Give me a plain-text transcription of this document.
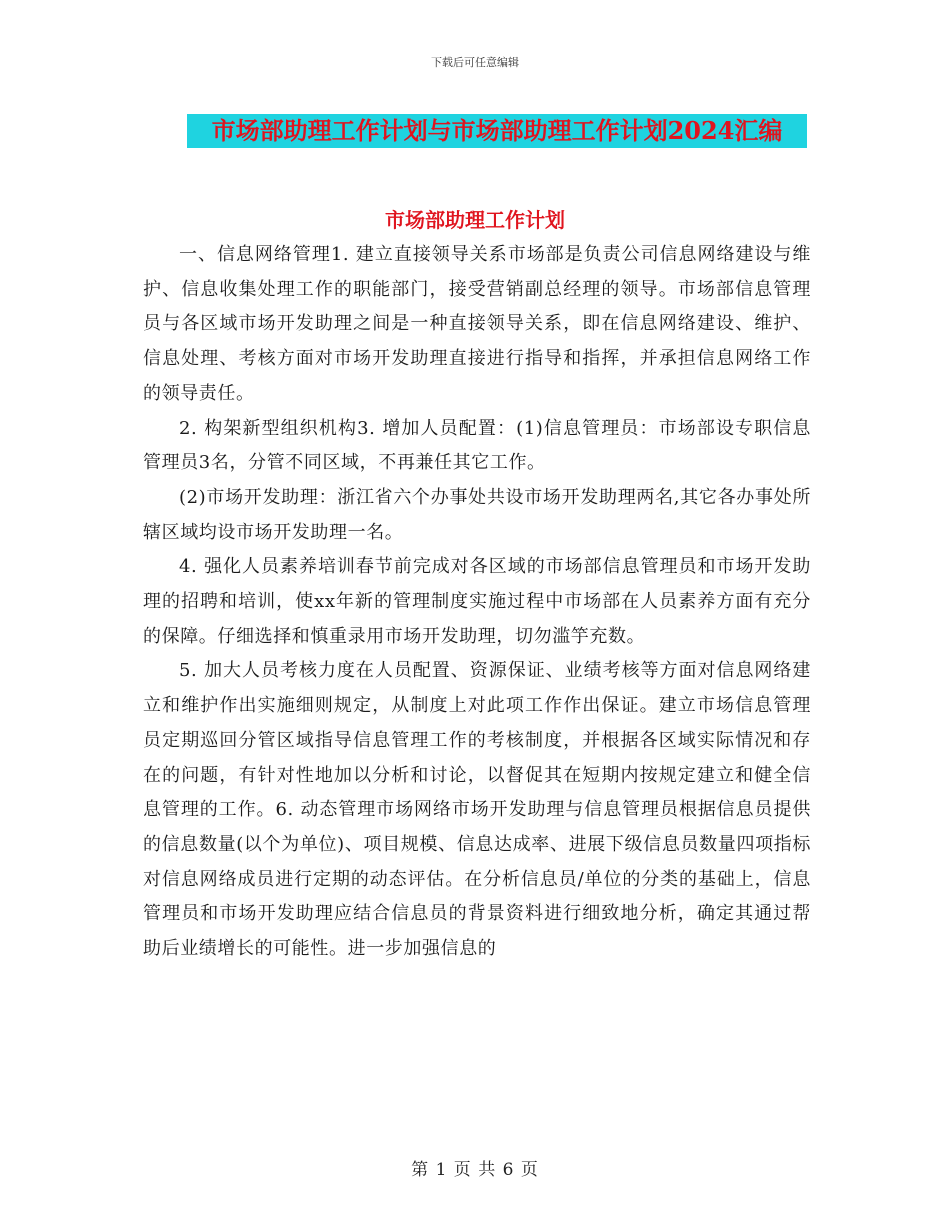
下载后可任意编辑
市场部助理工作计划与市场部助理工作计划2024汇编
市场部助理工作计划

一、信息网络管理1. 建立直接领导关系市场部是负责公司信息网络建设与维护、信息收集处理工作的职能部门，接受营销副总经理的领导。市场部信息管理员与各区域市场开发助理之间是一种直接领导关系，即在信息网络建设、维护、信息处理、考核方面对市场开发助理直接进行指导和指挥，并承担信息网络工作的领导责任。

2. 构架新型组织机构3. 增加人员配置：(1)信息管理员：市场部设专职信息管理员3名，分管不同区域，不再兼任其它工作。

(2)市场开发助理：浙江省六个办事处共设市场开发助理两名,其它各办事处所辖区域均设市场开发助理一名。

4. 强化人员素养培训春节前完成对各区域的市场部信息管理员和市场开发助理的招聘和培训，使xx年新的管理制度实施过程中市场部在人员素养方面有充分的保障。仔细选择和慎重录用市场开发助理，切勿滥竽充数。

5. 加大人员考核力度在人员配置、资源保证、业绩考核等方面对信息网络建立和维护作出实施细则规定，从制度上对此项工作作出保证。建立市场信息管理员定期巡回分管区域指导信息管理工作的考核制度，并根据各区域实际情况和存在的问题，有针对性地加以分析和讨论，以督促其在短期内按规定建立和健全信息管理的工作。6. 动态管理市场网络市场开发助理与信息管理员根据信息员提供的信息数量(以个为单位)、项目规模、信息达成率、进展下级信息员数量四项指标对信息网络成员进行定期的动态评估。在分析信息员/单位的分类的基础上，信息管理员和市场开发助理应结合信息员的背景资料进行细致地分析，确定其通过帮助后业绩增长的可能性。进一步加强信息的

第 1 页 共 6 页
